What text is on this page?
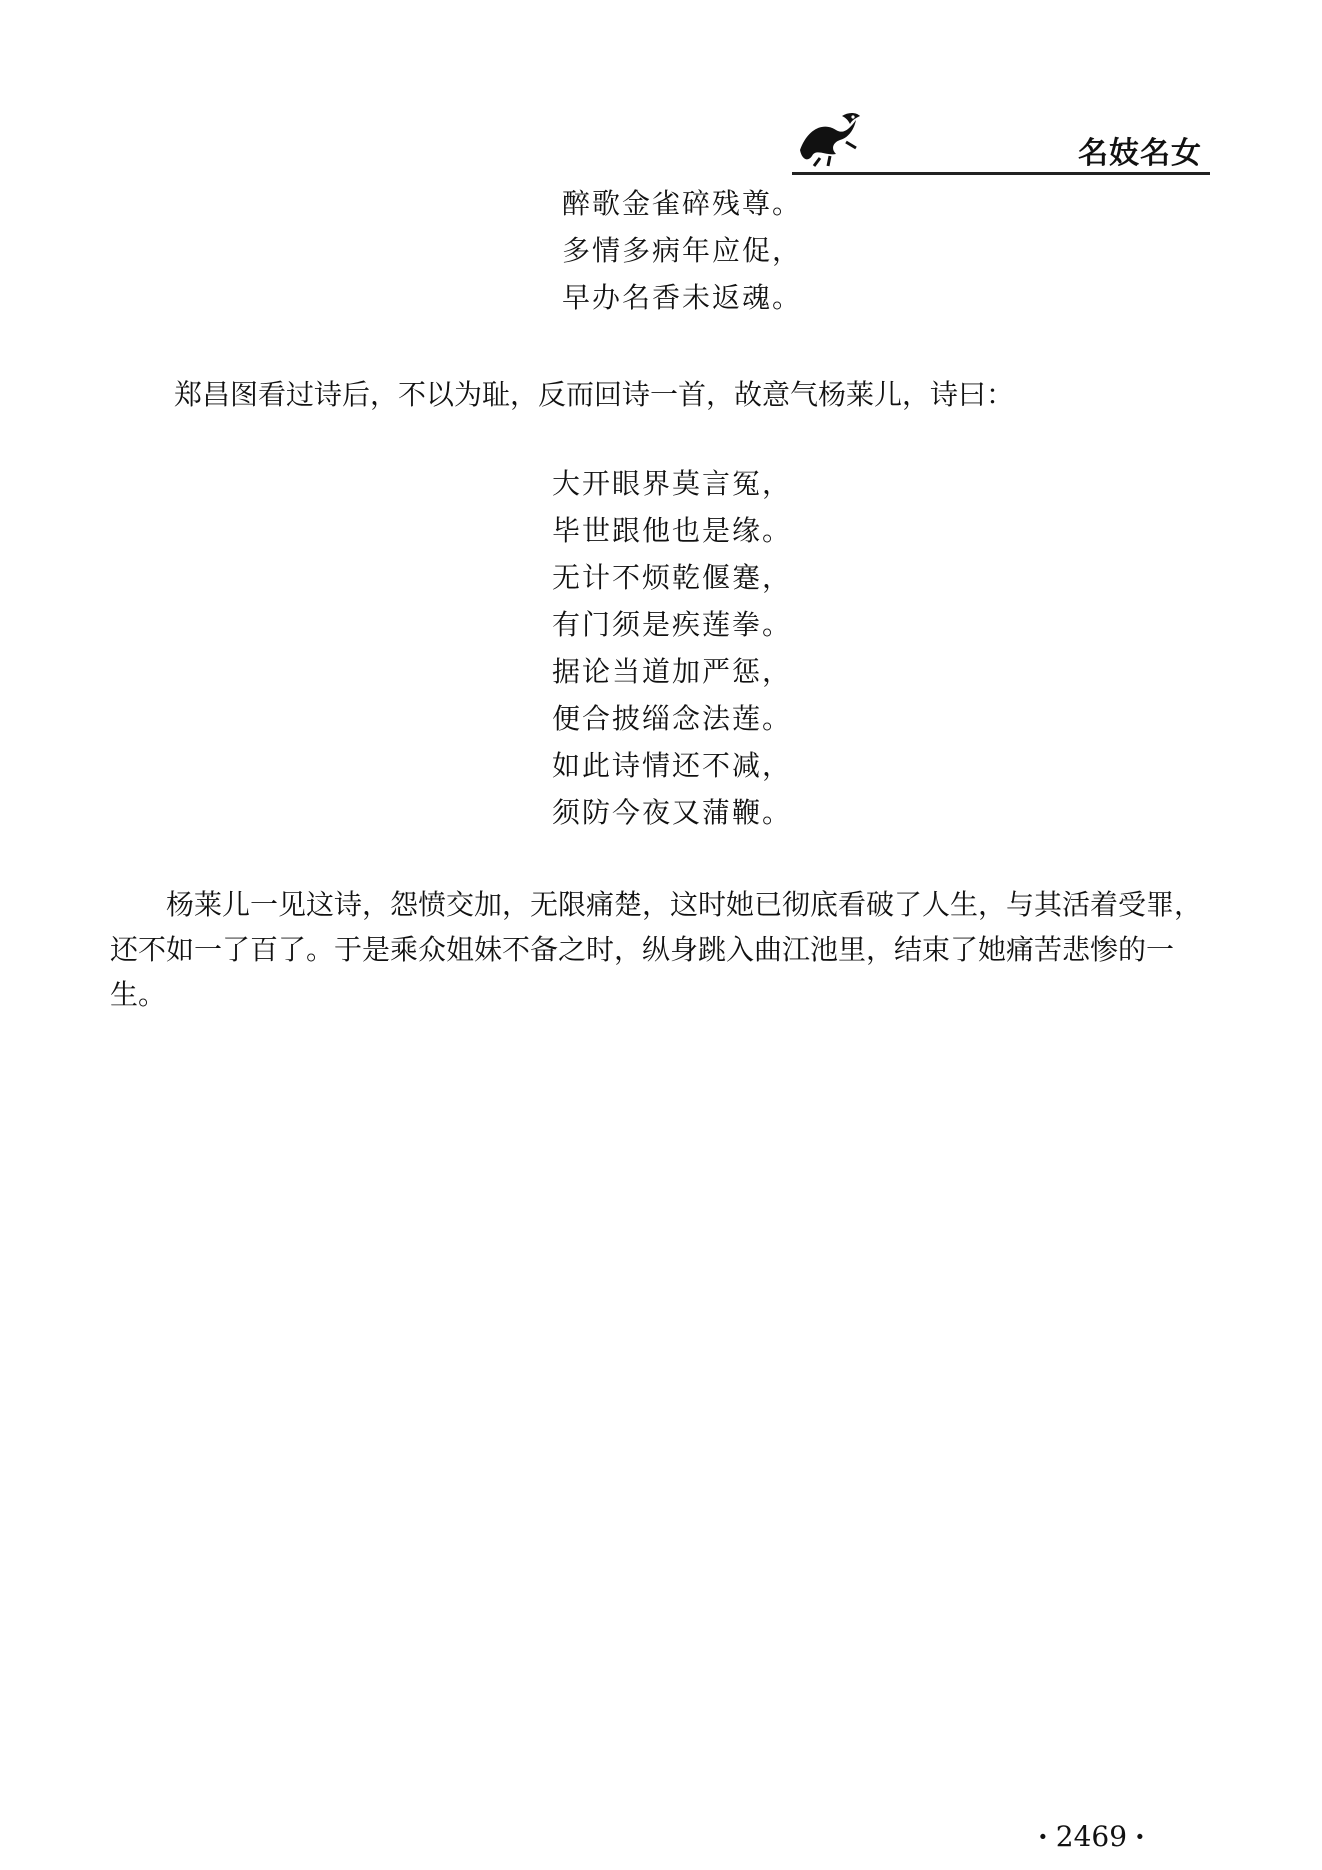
名妓名女
醉歌金雀碎残尊。
多情多病年应促，
早办名香未返魂。

郑昌图看过诗后，不以为耻，反而回诗一首，故意气杨莱儿，诗曰：

大开眼界莫言冤，
毕世跟他也是缘。
无计不烦乾偃蹇，
有门须是疾莲拳。
据论当道加严惩，
便合披缁念法莲。
如此诗情还不减，
须防今夜又蒲鞭。

杨莱儿一见这诗，怨愤交加，无限痛楚，这时她已彻底看破了人生，与其活着受罪，还不如一了百了。于是乘众姐妹不备之时，纵身跳入曲江池里，结束了她痛苦悲惨的一生。

· 2469 ·
